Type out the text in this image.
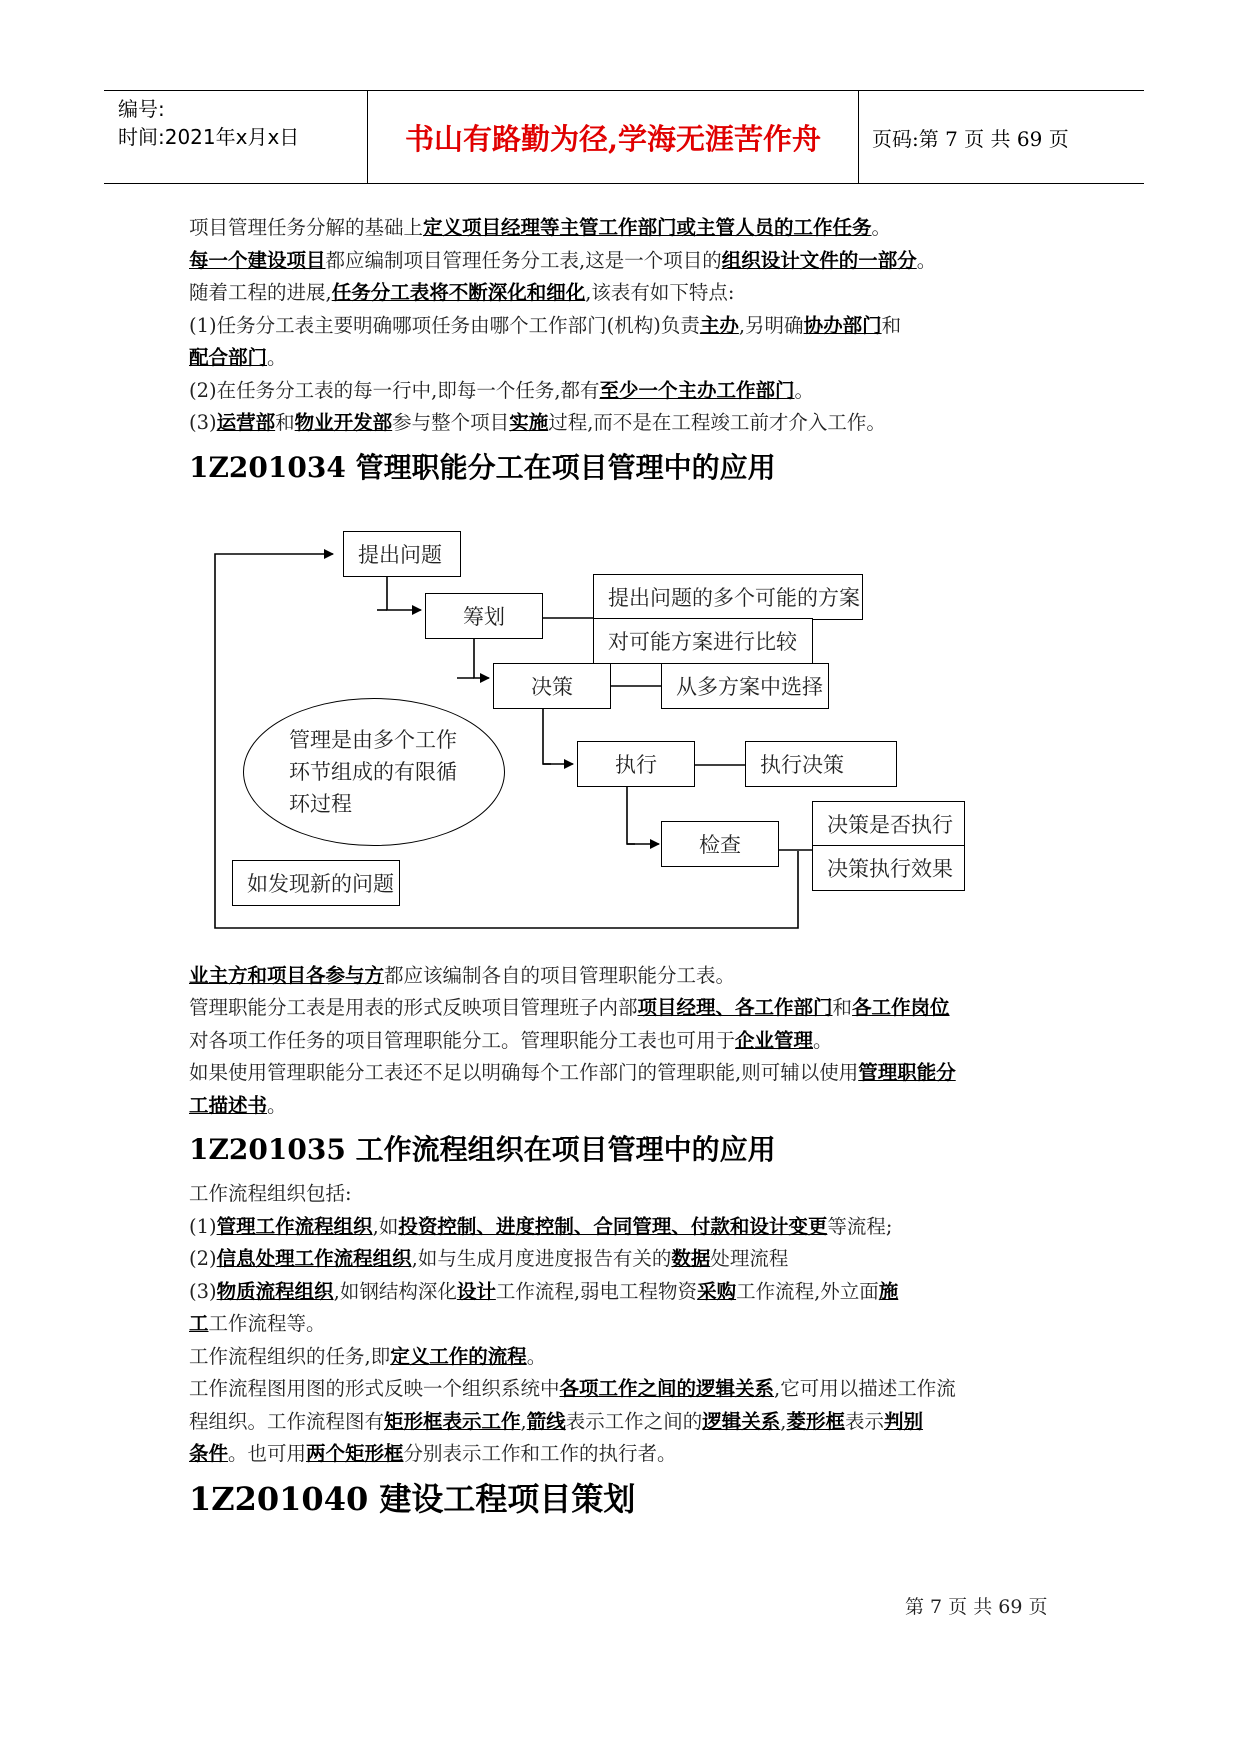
编号:
时间:2021年x月x日	书山有路勤为径,学海无涯苦作舟	页码:第 7 页 共 69 页

项目管理任务分解的基础上定义项目经理等主管工作部门或主管人员的工作任务。

每一个建设项目都应编制项目管理任务分工表,这是一个项目的组织设计文件的一部分。

随着工程的进展,任务分工表将不断深化和细化,该表有如下特点:

(1)任务分工表主要明确哪项任务由哪个工作部门(机构)负责主办,另明确协办部门和

配合部门。

(2)在任务分工表的每一行中,即每一个任务,都有至少一个主办工作部门。

(3)运营部和物业开发部参与整个项目实施过程,而不是在工程竣工前才介入工作。

1Z201034 管理职能分工在项目管理中的应用
提出问题
筹划
提出问题的多个可能的方案
对可能方案进行比较
决策	从多方案中选择
执行	执行决策
检查
决策是否执行
决策执行效果
如发现新的问题
管理是由多个工作环节组成的有限循环过程

业主方和项目各参与方都应该编制各自的项目管理职能分工表。

管理职能分工表是用表的形式反映项目管理班子内部项目经理、各工作部门和各工作岗位

对各项工作任务的项目管理职能分工。管理职能分工表也可用于企业管理。

如果使用管理职能分工表还不足以明确每个工作部门的管理职能,则可辅以使用管理职能分

工描述书。

1Z201035 工作流程组织在项目管理中的应用

工作流程组织包括:

(1)管理工作流程组织,如投资控制、进度控制、合同管理、付款和设计变更等流程;

(2)信息处理工作流程组织,如与生成月度进度报告有关的数据处理流程

(3)物质流程组织,如钢结构深化设计工作流程,弱电工程物资采购工作流程,外立面施

工工作流程等。

工作流程组织的任务,即定义工作的流程。

工作流程图用图的形式反映一个组织系统中各项工作之间的逻辑关系,它可用以描述工作流

程组织。工作流程图有矩形框表示工作,箭线表示工作之间的逻辑关系,菱形框表示判别

条件。也可用两个矩形框分别表示工作和工作的执行者。

1Z201040 建设工程项目策划
第 7 页 共 69 页
